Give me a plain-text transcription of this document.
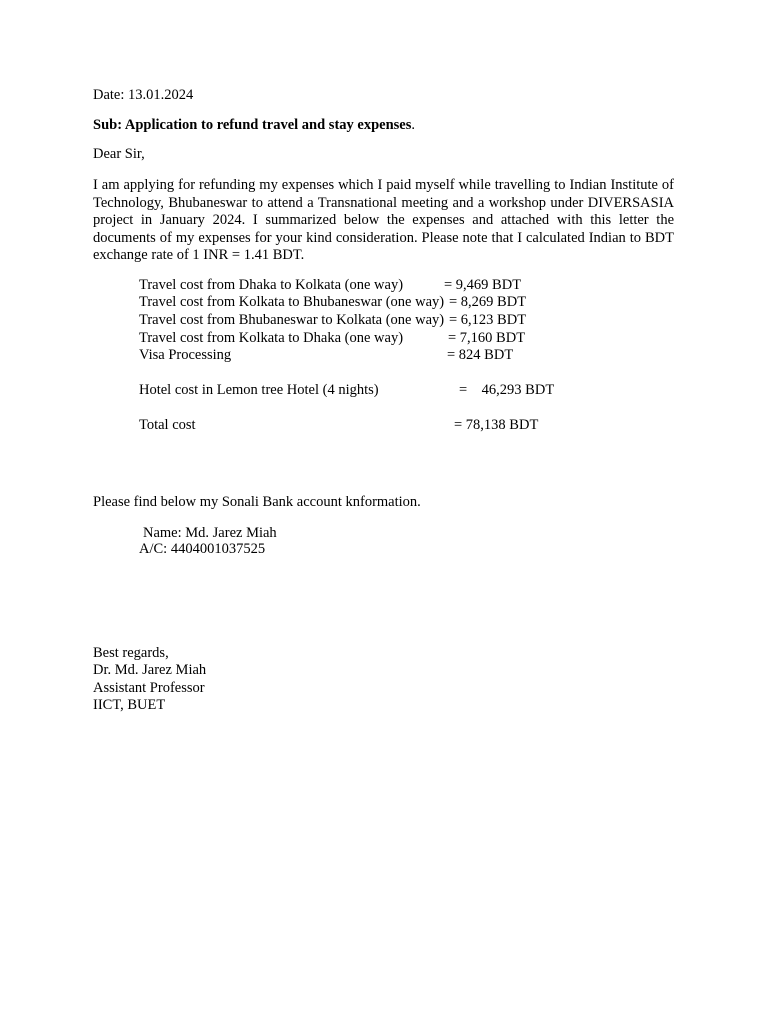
Date: 13.01.2024
Sub: Application to refund travel and stay expenses.
Dear Sir,
I am applying for refunding my expenses which I paid myself while travelling to Indian Institute of Technology, Bhubaneswar to attend a Transnational meeting and a workshop under DIVERSASIA project in January 2024. I summarized below the expenses and attached with this letter the documents of my expenses for your kind consideration. Please note that I calculated Indian to BDT exchange rate of 1 INR = 1.41 BDT.
Travel cost from Dhaka to Kolkata (one way)	= 9,469 BDT
Travel cost from Kolkata to Bhubaneswar (one way) = 8,269 BDT
Travel cost from Bhubaneswar to Kolkata (one way) = 6,123 BDT
Travel cost from Kolkata to Dhaka (one way)	= 7,160 BDT
Visa Processing	= 824 BDT
Hotel cost in Lemon tree Hotel (4 nights)	=    46,293 BDT
Total cost	= 78,138 BDT
Please find below my Sonali Bank account knformation.
Name: Md. Jarez Miah
A/C: 4404001037525
Best regards,
Dr. Md. Jarez Miah
Assistant Professor
IICT, BUET
